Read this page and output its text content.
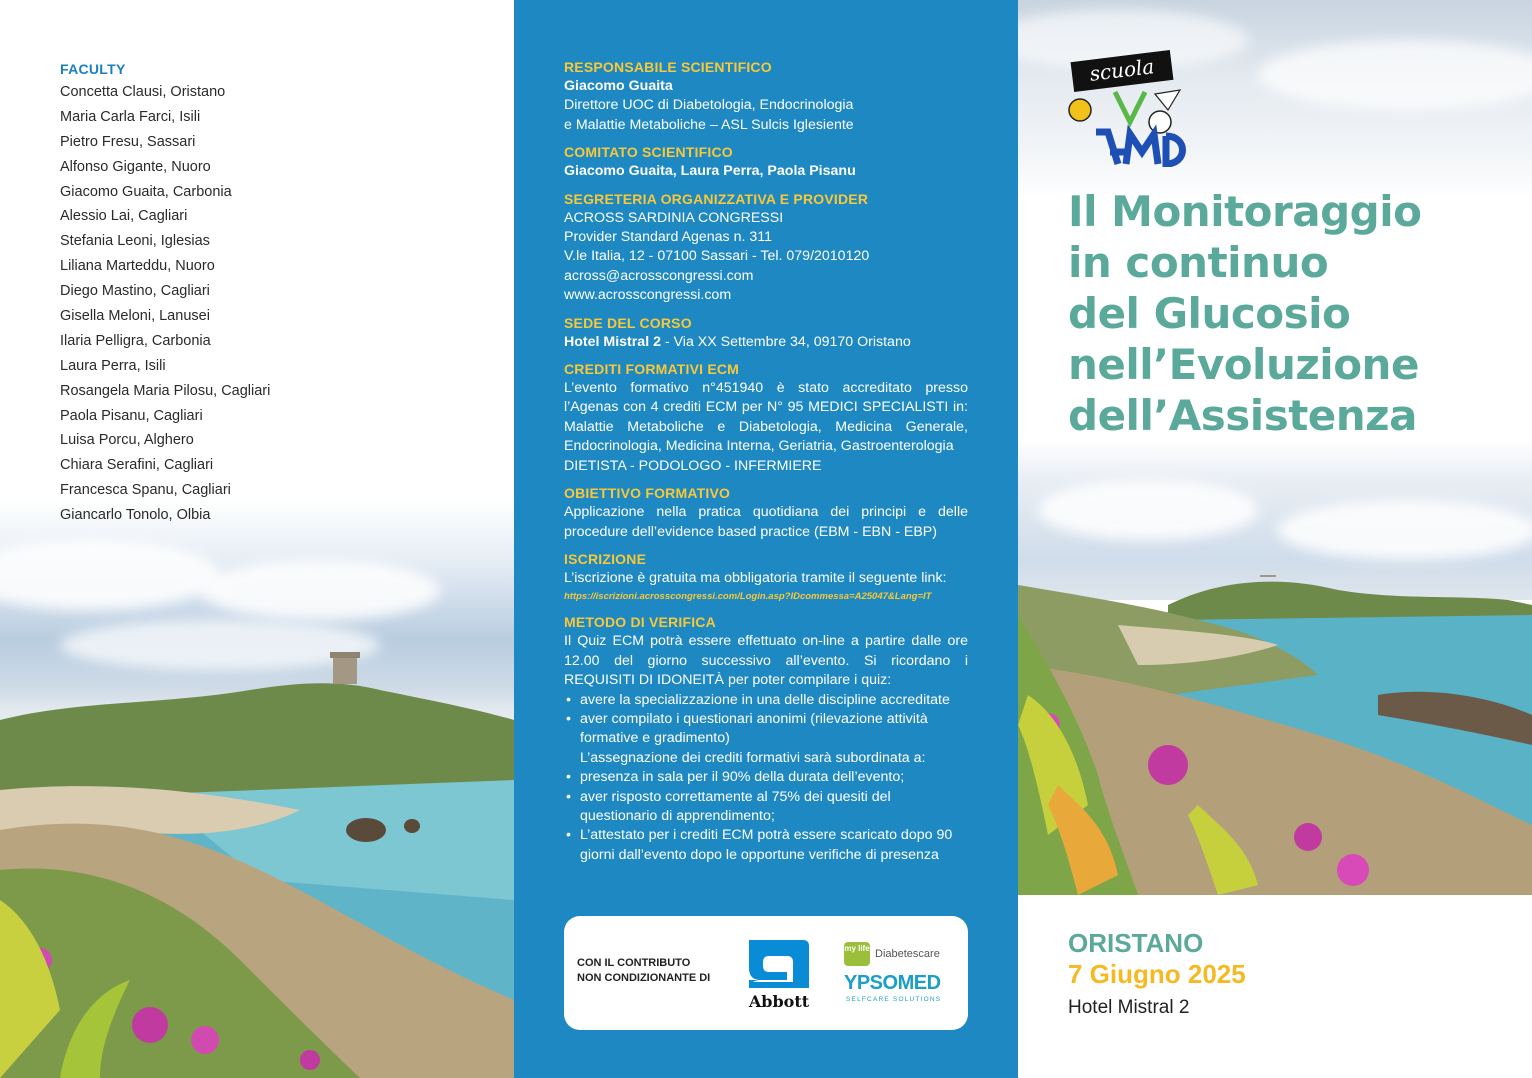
FACULTY
Concetta Clausi, Oristano
Maria Carla Farci, Isili
Pietro Fresu, Sassari
Alfonso Gigante, Nuoro
Giacomo Guaita, Carbonia
Alessio Lai, Cagliari
Stefania Leoni, Iglesias
Liliana Marteddu, Nuoro
Diego Mastino, Cagliari
Gisella Meloni, Lanusei
Ilaria Pelligra, Carbonia
Laura Perra, Isili
Rosangela Maria Pilosu, Cagliari
Paola Pisanu, Cagliari
Luisa Porcu, Alghero
Chiara Serafini, Cagliari
Francesca Spanu, Cagliari
Giancarlo Tonolo, Olbia
RESPONSABILE SCIENTIFICO
Giacomo Guaita
Direttore UOC di Diabetologia, Endocrinologia
e Malattie Metaboliche – ASL Sulcis Iglesiente
COMITATO SCIENTIFICO
Giacomo Guaita, Laura Perra, Paola Pisanu
SEGRETERIA ORGANIZZATIVA E PROVIDER
ACROSS SARDINIA CONGRESSI
Provider Standard Agenas n. 311
V.le Italia, 12 - 07100 Sassari - Tel. 079/2010120
across@acrosscongressi.com
www.acrosscongressi.com
SEDE DEL CORSO
Hotel Mistral 2 - Via XX Settembre 34, 09170 Oristano
CREDITI FORMATIVI ECM
L’evento formativo n°451940 è stato accreditato presso l’Agenas con 4 crediti ECM per N° 95 MEDICI SPECIALISTI in: Malattie Metaboliche e Diabetologia, Medicina Generale, Endocrinologia, Medicina Interna, Geriatria, Gastroenterologia
DIETISTA - PODOLOGO - INFERMIERE
OBIETTIVO FORMATIVO
Applicazione nella pratica quotidiana dei principi e delle procedure dell’evidence based practice (EBM - EBN - EBP)
ISCRIZIONE
L’iscrizione è gratuita ma obbligatoria tramite il seguente link:
https://iscrizioni.acrosscongressi.com/Login.asp?IDcommessa=A25047&Lang=IT
METODO DI VERIFICA
Il Quiz ECM potrà essere effettuato on-line a partire dalle ore 12.00 del giorno successivo all’evento. Si ricordano i REQUISITI DI IDONEITÀ per poter compilare i quiz:
• avere la specializzazione in una delle discipline accreditate
• aver compilato i questionari anonimi (rilevazione attività formative e gradimento)
L’assegnazione dei crediti formativi sarà subordinata a:
• presenza in sala per il 90% della durata dell’evento;
• aver risposto correttamente al 75% dei quesiti del questionario di apprendimento;
• L’attestato per i crediti ECM potrà essere scaricato dopo 90 giorni dall’evento dopo le opportune verifiche di presenza
CON IL CONTRIBUTO
NON CONDIZIONANTE DI
Abbott
my life Diabetescare
YPSOMED
SELFCARE SOLUTIONS
scuola
Il Monitoraggio
in continuo
del Glucosio
nell’Evoluzione
dell’Assistenza
ORISTANO
7 Giugno 2025
Hotel Mistral 2
